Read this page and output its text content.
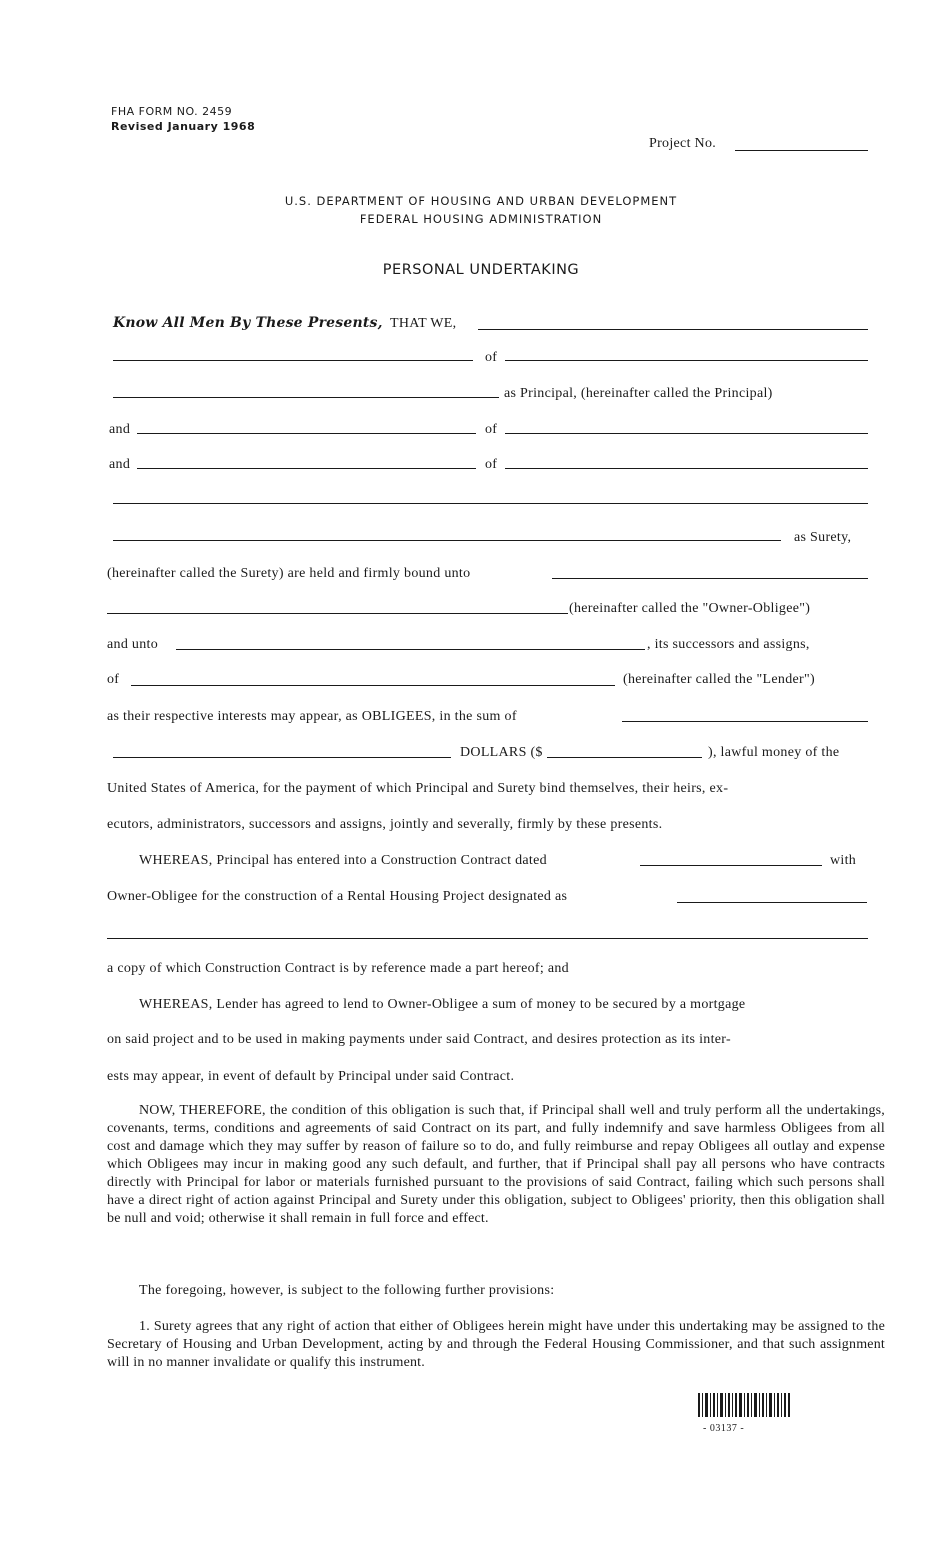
FHA FORM NO. 2459
Revised January 1968
Project No.
U.S. DEPARTMENT OF HOUSING AND URBAN DEVELOPMENT
FEDERAL HOUSING ADMINISTRATION
PERSONAL UNDERTAKING
Know All Men By These Presents, THAT WE,
of
as Principal, (hereinafter called the Principal)
and	of
and	of
as Surety,
(hereinafter called the Surety) are held and firmly bound unto
(hereinafter called the "Owner-Obligee")
and unto	, its successors and assigns,
of	(hereinafter called the "Lender")
as their respective interests may appear, as OBLIGEES, in the sum of
DOLLARS ($	), lawful money of the
United States of America, for the payment of which Principal and Surety bind themselves, their heirs, ex-
ecutors, administrators, successors and assigns, jointly and severally, firmly by these presents.
WHEREAS, Principal has entered into a Construction Contract dated	with
Owner-Obligee for the construction of a Rental Housing Project designated as
a copy of which Construction Contract is by reference made a part hereof; and
WHEREAS, Lender has agreed to lend to Owner-Obligee a sum of money to be secured by a mortgage
on said project and to be used in making payments under said Contract, and desires protection as its inter-
ests may appear, in event of default by Principal under said Contract.
NOW, THEREFORE, the condition of this obligation is such that, if Principal shall well and truly perform all the undertakings, covenants, terms, conditions and agreements of said Contract on its part, and fully indemnify and save harmless Obligees from all cost and damage which they may suffer by reason of failure so to do, and fully reimburse and repay Obligees all outlay and expense which Obligees may incur in making good any such default, and further, that if Principal shall pay all persons who have contracts directly with Principal for labor or materials furnished pursuant to the provisions of said Contract, failing which such persons shall have a direct right of action against Principal and Surety under this obligation, subject to Obligees' priority, then this obligation shall be null and void; otherwise it shall remain in full force and effect.
The foregoing, however, is subject to the following further provisions:
1. Surety agrees that any right of action that either of Obligees herein might have under this undertaking may be assigned to the Secretary of Housing and Urban Development, acting by and through the Federal Housing Commissioner, and that such assignment will in no manner invalidate or qualify this instrument.
- 03137 -
